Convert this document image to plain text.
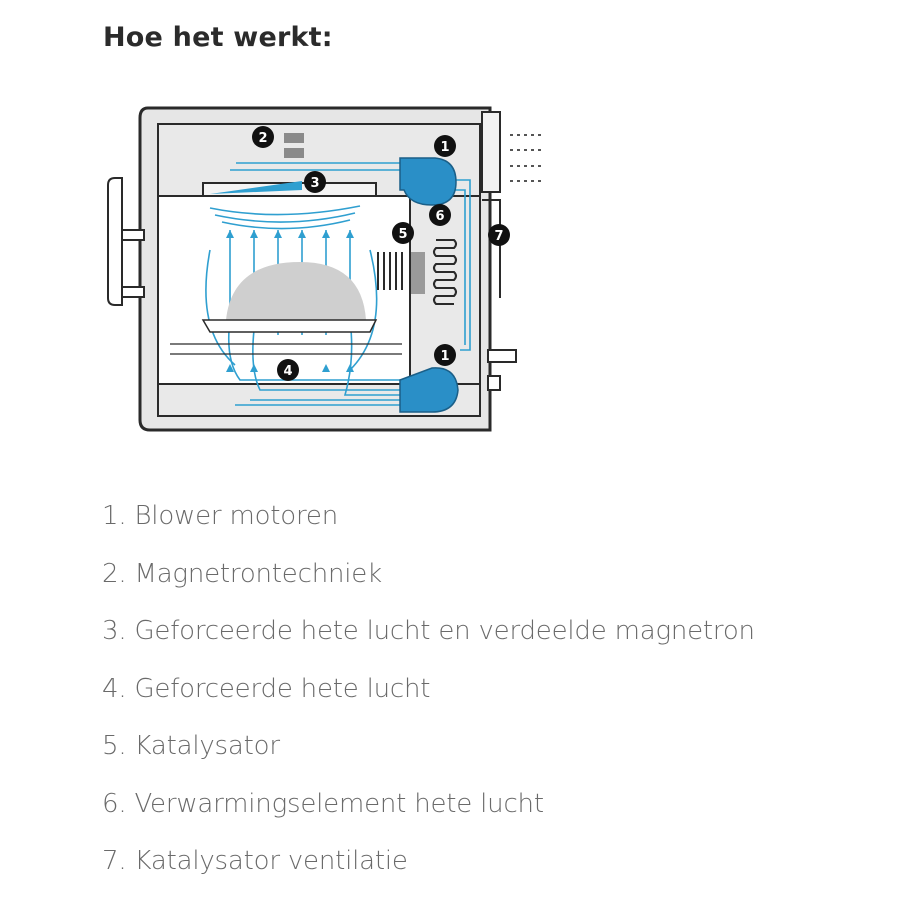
Hoe het werkt:
1
2
3
4
5
6
7
1
1. Blower motoren
2. Magnetrontechniek
3. Geforceerde hete lucht en verdeelde magnetron
4. Geforceerde hete lucht
5. Katalysator
6. Verwarmingselement hete lucht
7. Katalysator ventilatie
